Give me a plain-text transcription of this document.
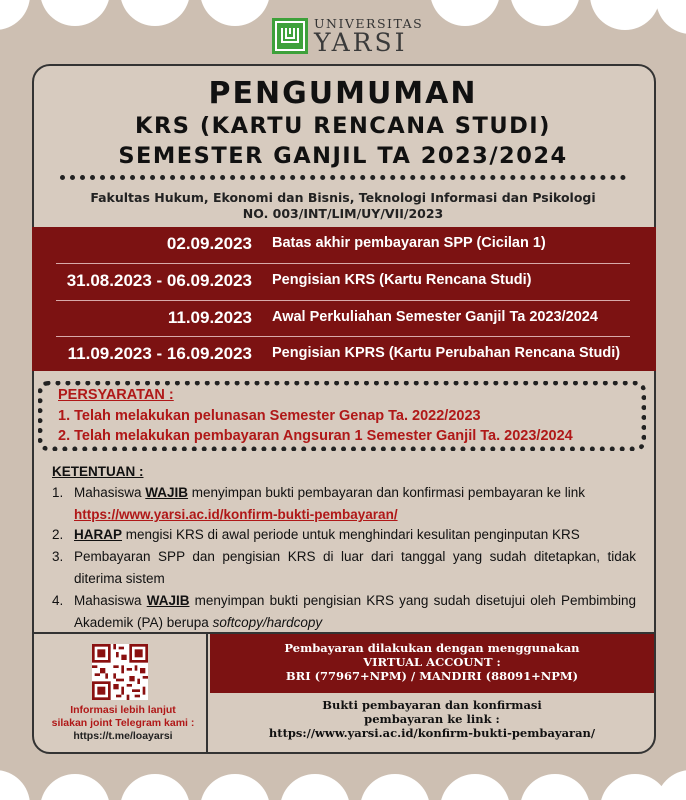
UNIVERSITAS
YARSI
PENGUMUMAN
KRS (KARTU RENCANA STUDI)
SEMESTER GANJIL TA 2023/2024
Fakultas Hukum, Ekonomi dan Bisnis, Teknologi Informasi dan Psikologi
NO. 003/INT/LIM/UY/VII/2023
02.09.2023 Batas akhir pembayaran SPP (Cicilan 1)
31.08.2023 - 06.09.2023 Pengisian KRS (Kartu Rencana Studi)
11.09.2023 Awal Perkuliahan Semester Ganjil Ta 2023/2024
11.09.2023 - 16.09.2023 Pengisian KPRS (Kartu Perubahan Rencana Studi)
PERSYARATAN :
1. Telah melakukan pelunasan Semester Genap Ta. 2022/2023
2. Telah melakukan pembayaran Angsuran 1 Semester Ganjil Ta. 2023/2024
KETENTUAN :
1. Mahasiswa WAJIB menyimpan bukti pembayaran dan konfirmasi pembayaran ke link
https://www.yarsi.ac.id/konfirm-bukti-pembayaran/
2. HARAP mengisi KRS di awal periode untuk menghindari kesulitan penginputan KRS
3. Pembayaran SPP dan pengisian KRS di luar dari tanggal yang sudah ditetapkan, tidak diterima sistem
4. Mahasiswa WAJIB menyimpan bukti pengisian KRS yang sudah disetujui oleh Pembimbing Akademik (PA) berupa softcopy/hardcopy
Informasi lebih lanjut
silakan joint Telegram kami :
https://t.me/loayarsi
Pembayaran dilakukan dengan menggunakan
VIRTUAL ACCOUNT :
BRI (77967+NPM) / MANDIRI (88091+NPM)
Bukti pembayaran dan konfirmasi
pembayaran ke link :
https://www.yarsi.ac.id/konfirm-bukti-pembayaran/
